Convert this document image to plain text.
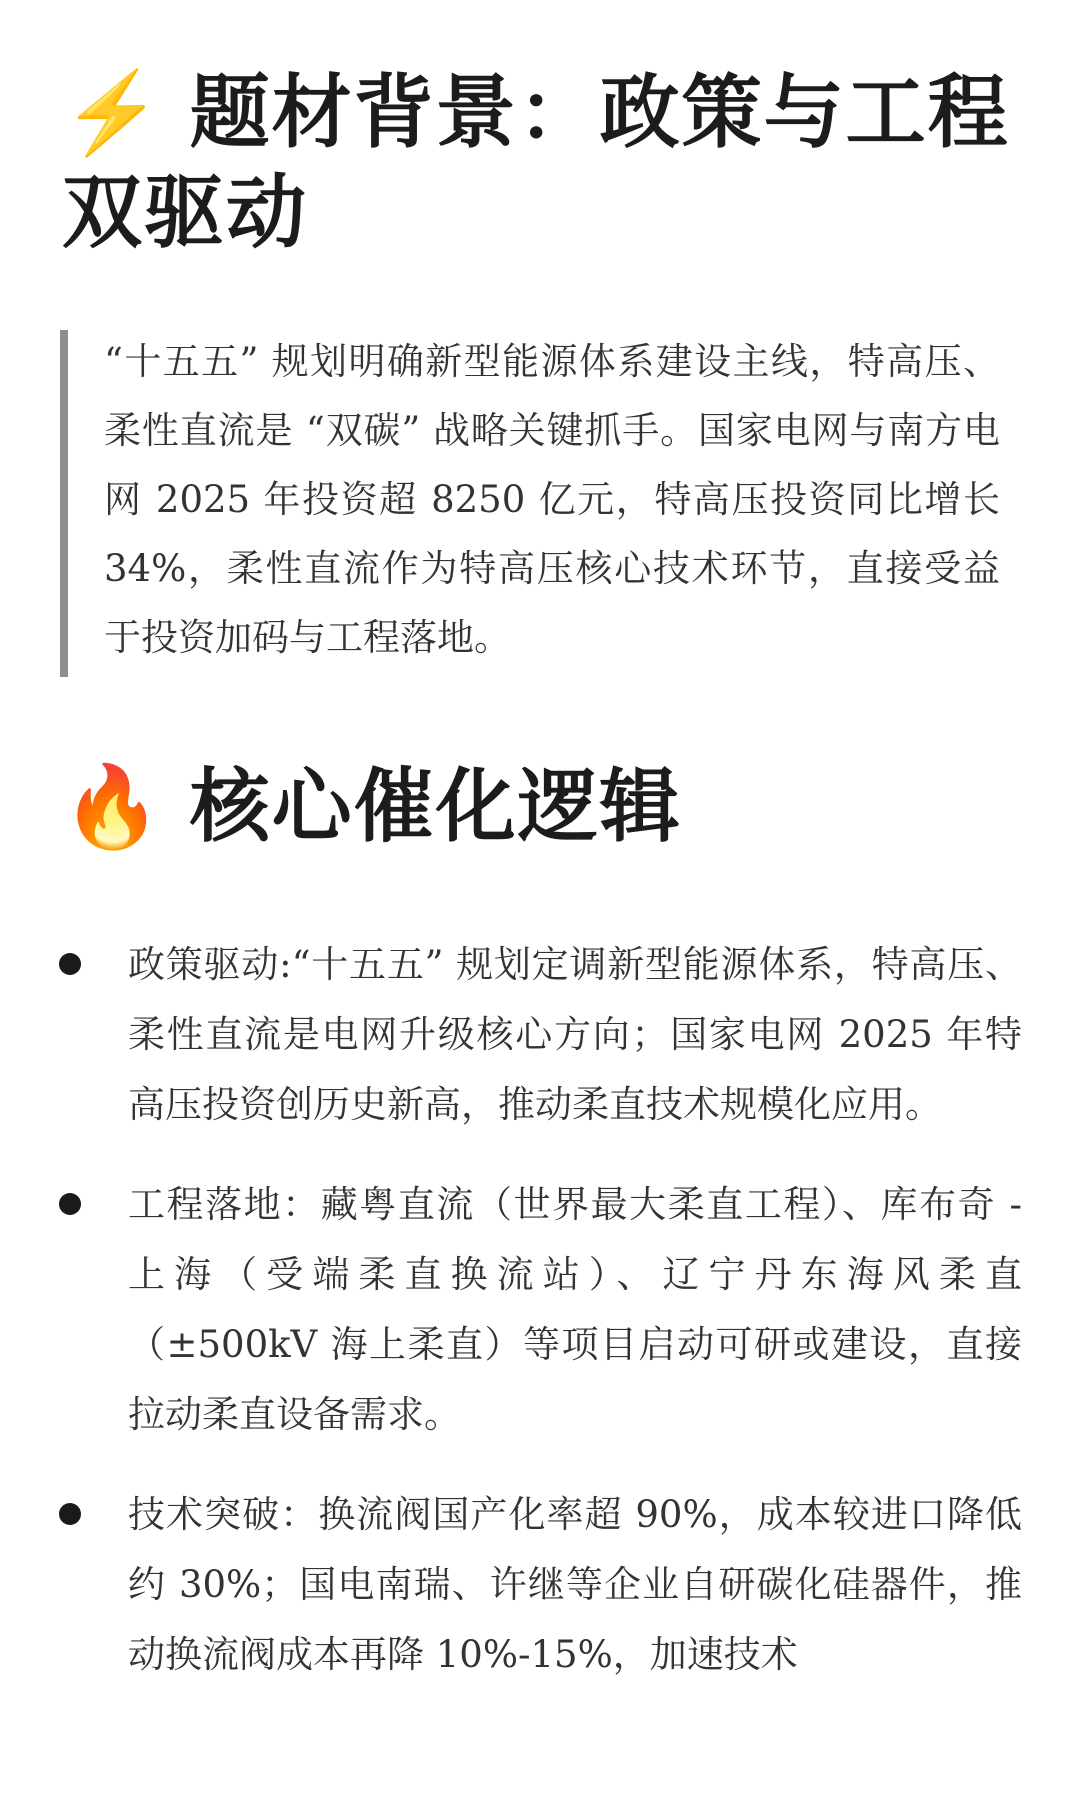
⚡ 题材背景：政策与工程双驱动

“十五五” 规划明确新型能源体系建设主线，特高压、柔性直流是 “双碳” 战略关键抓手。国家电网与南方电网 2025 年投资超 8250 亿元，特高压投资同比增长 34%，柔性直流作为特高压核心技术环节，直接受益于投资加码与工程落地。

🔥 核心催化逻辑
政策驱动:“十五五” 规划定调新型能源体系，特高压、柔性直流是电网升级核心方向；国家电网 2025 年特高压投资创历史新高，推动柔直技术规模化应用。
工程落地：藏粤直流（世界最大柔直工程）、库布奇 - 上海（受端柔直换流站）、辽宁丹东海风柔直（±500kV 海上柔直）等项目启动可研或建设，直接拉动柔直设备需求。
技术突破：换流阀国产化率超 90%，成本较进口降低约 30%；国电南瑞、许继等企业自研碳化硅器件，推动换流阀成本再降 10%-15%，加速技术
